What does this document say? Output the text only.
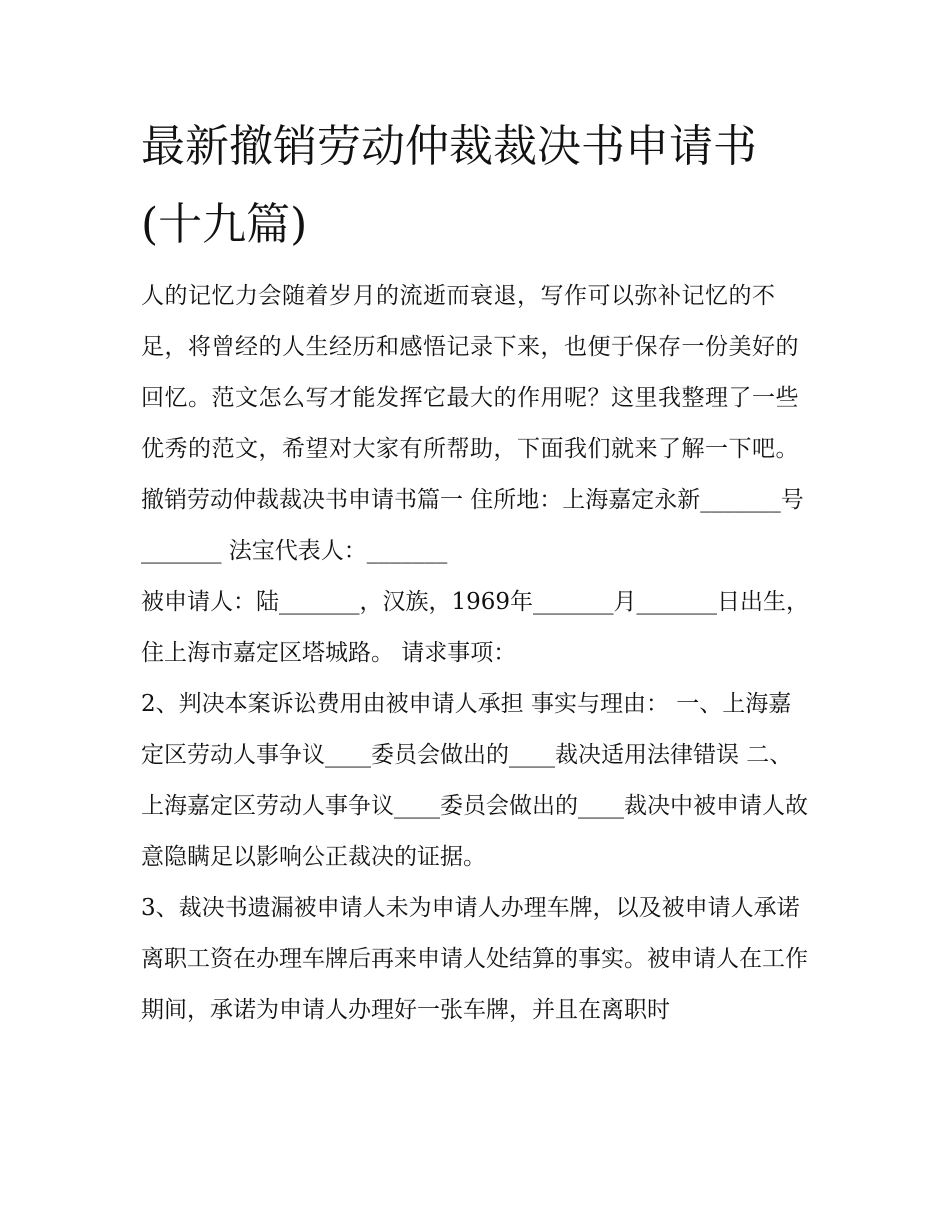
最新撤销劳动仲裁裁决书申请书(十九篇)
人的记忆力会随着岁月的流逝而衰退，写作可以弥补记忆的不足，将曾经的人生经历和感悟记录下来，也便于保存一份美好的回忆。范文怎么写才能发挥它最大的作用呢？这里我整理了一些优秀的范文，希望对大家有所帮助，下面我们就来了解一下吧。
撤销劳动仲裁裁决书申请书篇一 住所地：上海嘉定永新_______号_______ 法宝代表人：_______
被申请人：陆_______，汉族，1969年_______月_______日出生，住上海市嘉定区塔城路。 请求事项：
2、判决本案诉讼费用由被申请人承担 事实与理由： 一、上海嘉定区劳动人事争议____委员会做出的____裁决适用法律错误 二、上海嘉定区劳动人事争议____委员会做出的____裁决中被申请人故意隐瞒足以影响公正裁决的证据。
3、裁决书遗漏被申请人未为申请人办理车牌，以及被申请人承诺离职工资在办理车牌后再来申请人处结算的事实。被申请人在工作期间，承诺为申请人办理好一张车牌，并且在离职时
